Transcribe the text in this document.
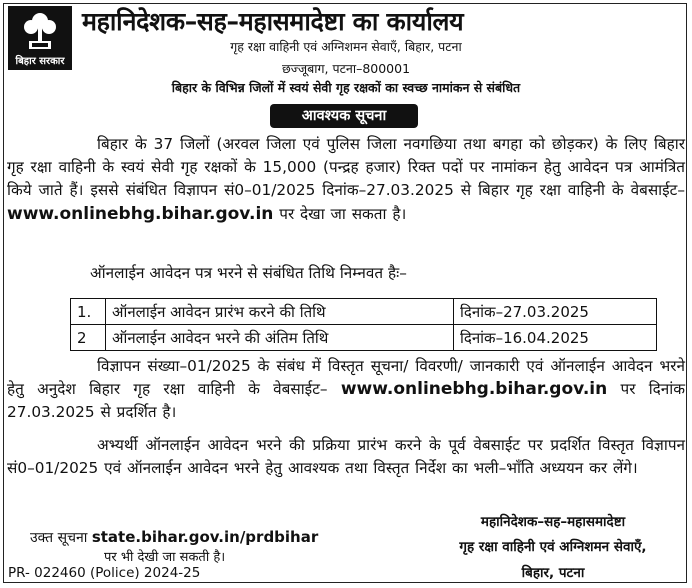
बिहार सरकार
महानिदेशक–सह–महासमादेष्टा का कार्यालय
गृह रक्षा वाहिनी एवं अग्निशमन सेवाएँ, बिहार, पटना
छज्जूबाग, पटना–800001
बिहार के विभिन्न जिलों में स्वयं सेवी गृह रक्षकों का स्वच्छ नामांकन से संबंधित
आवश्यक सूचना

बिहार के 37 जिलों (अरवल जिला एवं पुलिस जिला नवगछिया तथा बगहा को छोड़कर) के लिए बिहार गृह रक्षा वाहिनी के स्वयं सेवी गृह रक्षकों के 15,000 (पन्द्रह हजार) रिक्त पदों पर नामांकन हेतु आवेदन पत्र आमंत्रित किये जाते हैं। इससे संबंधित विज्ञापन सं0–01/2025 दिनांक–27.03.2025 से बिहार गृह रक्षा वाहिनी के वेबसाईट– www.onlinebhg.bihar.gov.in पर देखा जा सकता है।

ऑनलाईन आवेदन पत्र भरने से संबंधित तिथि निम्नवत हैः–
1.	ऑनलाईन आवेदन प्रारंभ करने की तिथि	दिनांक–27.03.2025
2	ऑनलाईन आवेदन भरने की अंतिम तिथि	दिनांक–16.04.2025

विज्ञापन संख्या–01/2025 के संबंध में विस्तृत सूचना/ विवरणी/ जानकारी एवं ऑनलाईन आवेदन भरने हेतु अनुदेश बिहार गृह रक्षा वाहिनी के वेबसाईट– www.onlinebhg.bihar.gov.in पर दिनांक 27.03.2025 से प्रदर्शित है।

अभ्यर्थी ऑनलाईन आवेदन भरने की प्रक्रिया प्रारंभ करने के पूर्व वेबसाईट पर प्रदर्शित विस्तृत विज्ञापन सं0–01/2025 एवं ऑनलाईन आवेदन भरने हेतु आवश्यक तथा विस्तृत निर्देश का भली–भाँति अध्ययन कर लेंगे।

उक्त सूचना state.bihar.gov.in/prdbihar
पर भी देखी जा सकती है।
PR- 022460 (Police) 2024-25
महानिदेशक–सह–महासमादेष्टा
गृह रक्षा वाहिनी एवं अग्निशमन सेवाएँ,
बिहार, पटना
